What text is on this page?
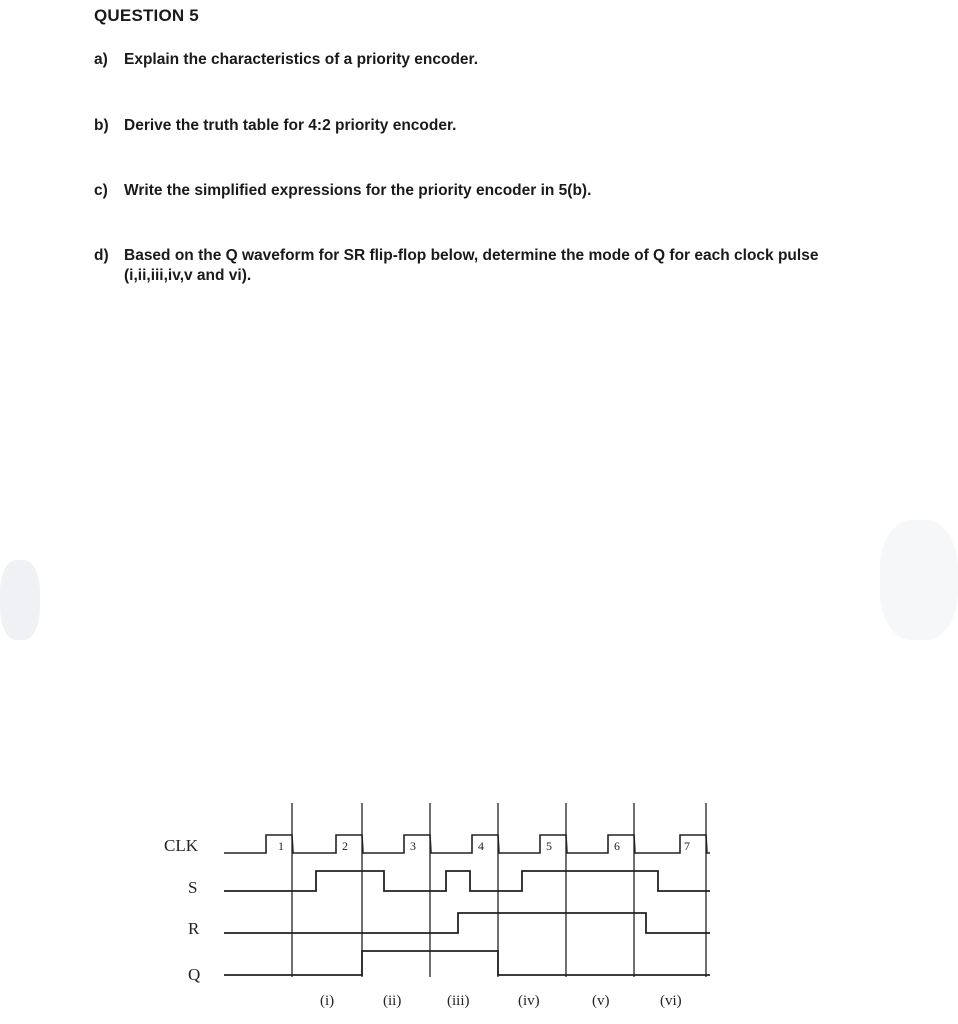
QUESTION 5
a)	Explain the characteristics of a priority encoder.
b) Derive the truth table for 4:2 priority encoder.
c)	Write the simplified expressions for the priority encoder in 5(b).
d) Based on the Q waveform for SR flip-flop below, determine the mode of Q for each clock pulse (i,ii,iii,iv,v and vi).
CLK
S
R
Q
1	2	3	4	5	6	7
(i)	(ii)	(iii)	(iv)	(v)	(vi)
